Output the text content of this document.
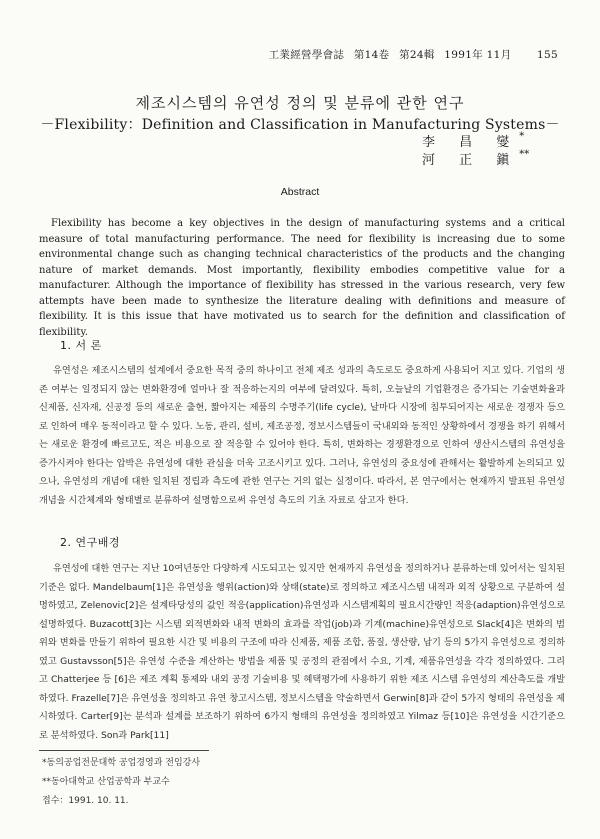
工業經營學會誌 第14卷 第24輯 1991年 11月 155
제조시스템의 유연성 정의 및 분류에 관한 연구
－Flexibility：Definition and Classification in Manufacturing Systems－
李 昌 燮*
河 正 鎭**
Abstract

Flexibility has become a key objectives in the design of manufacturing systems and a critical measure of total manufacturing performance. The need for flexibility is increasing due to some environmental change such as changing technical characteristics of the products and the changing nature of market demands. Most importantly, flexibility embodies competitive value for a manufacturer. Although the importance of flexibility has stressed in the various research, very few attempts have been made to synthesize the literature dealing with definitions and measure of flexibility. It is this issue that have motivated us to search for the definition and classification of flexibility.

1. 서 론

유연성은 제조시스템의 설계에서 중요한 목적 중의 하나이고 전체 제조 성과의 측도로도 중요하게 사용되어 지고 있다. 기업의 생존 여부는 일정되지 않는 변화환경에 얼마나 잘 적응하는지의 여부에 달려있다. 특히, 오늘날의 기업환경은 증가되는 기술변화율과 신제품, 신자재, 신공정 등의 새로운 출현, 짧아지는 제품의 수명주기(life cycle), 날마다 시장에 침투되어지는 새로운 경쟁자 등으로 인하여 매우 동적이라고 할 수 있다. 노동, 관리, 설비, 제조공정, 정보시스템들이 국내외와 동적인 상황하에서 경쟁을 하기 위해서는 새로운 환경에 빠르고도, 적은 비용으로 잘 적응할 수 있어야 한다. 특히, 변화하는 경쟁환경으로 인하여 생산시스템의 유연성을 증가시켜야 한다는 압박은 유연성에 대한 관심을 더욱 고조시키고 있다. 그러나, 유연성의 중요성에 관해서는 활발하게 논의되고 있으나, 유연성의 개념에 대한 일치된 정립과 측도에 관한 연구는 거의 없는 실정이다. 따라서, 본 연구에서는 현재까지 발표된 유연성 개념을 시간체계와 형태별로 분류하여 설명함으로써 유연성 측도의 기초 자료로 삼고자 한다.

2. 연구배경

유연성에 대한 연구는 지난 10여년동안 다양하게 시도되고는 있지만 현재까지 유연성을 정의하거나 분류하는데 있어서는 일치된 기준은 없다. Mandelbaum[1]은 유연성을 행위(action)와 상태(state)로 정의하고 제조시스템 내적과 외적 상황으로 구분하여 설명하였고, Zelenovic[2]은 설계타당성의 값인 적응(application)유연성과 시스템계획의 필요시간량인 적응(adaption)유연성으로 설명하였다. Buzacott[3]는 시스템 외적변화와 내적 변화의 효과를 작업(job)과 기계(machine)유연성으로 Slack[4]은 변화의 범위와 변화를 만들기 위하여 필요한 시간 및 비용의 구조에 따라 신제품, 제품 조합, 품질, 생산량, 납기 등의 5가지 유연성으로 정의하였고 Gustavsson[5]은 유연성 수준을 계산하는 방법을 제품 및 공정의 관점에서 수요, 기계, 제품유연성을 각각 정의하였다. 그리고 Chatterjee 등 [6]은 제조 계획 통제와 내외 공정 기술비용 및 혜택평가에 사용하기 위한 제조 시스템 유연성의 계산측도를 개발하였다. Frazelle[7]은 유연성을 정의하고 유연 창고시스템, 정보시스템을 약술하면서 Gerwin[8]과 같이 5가지 형태의 유연성을 제시하였다. Carter[9]는 분석과 설계를 보조하기 위하여 6가지 형태의 유연성을 정의하였고 Yilmaz 등[10]은 유연성을 시간기준으로 분석하였다. Son과 Park[11]

*동의공업전문대학 공업경영과 전임강사
**동아대학교 산업공학과 부교수
접수：1991. 10. 11.
